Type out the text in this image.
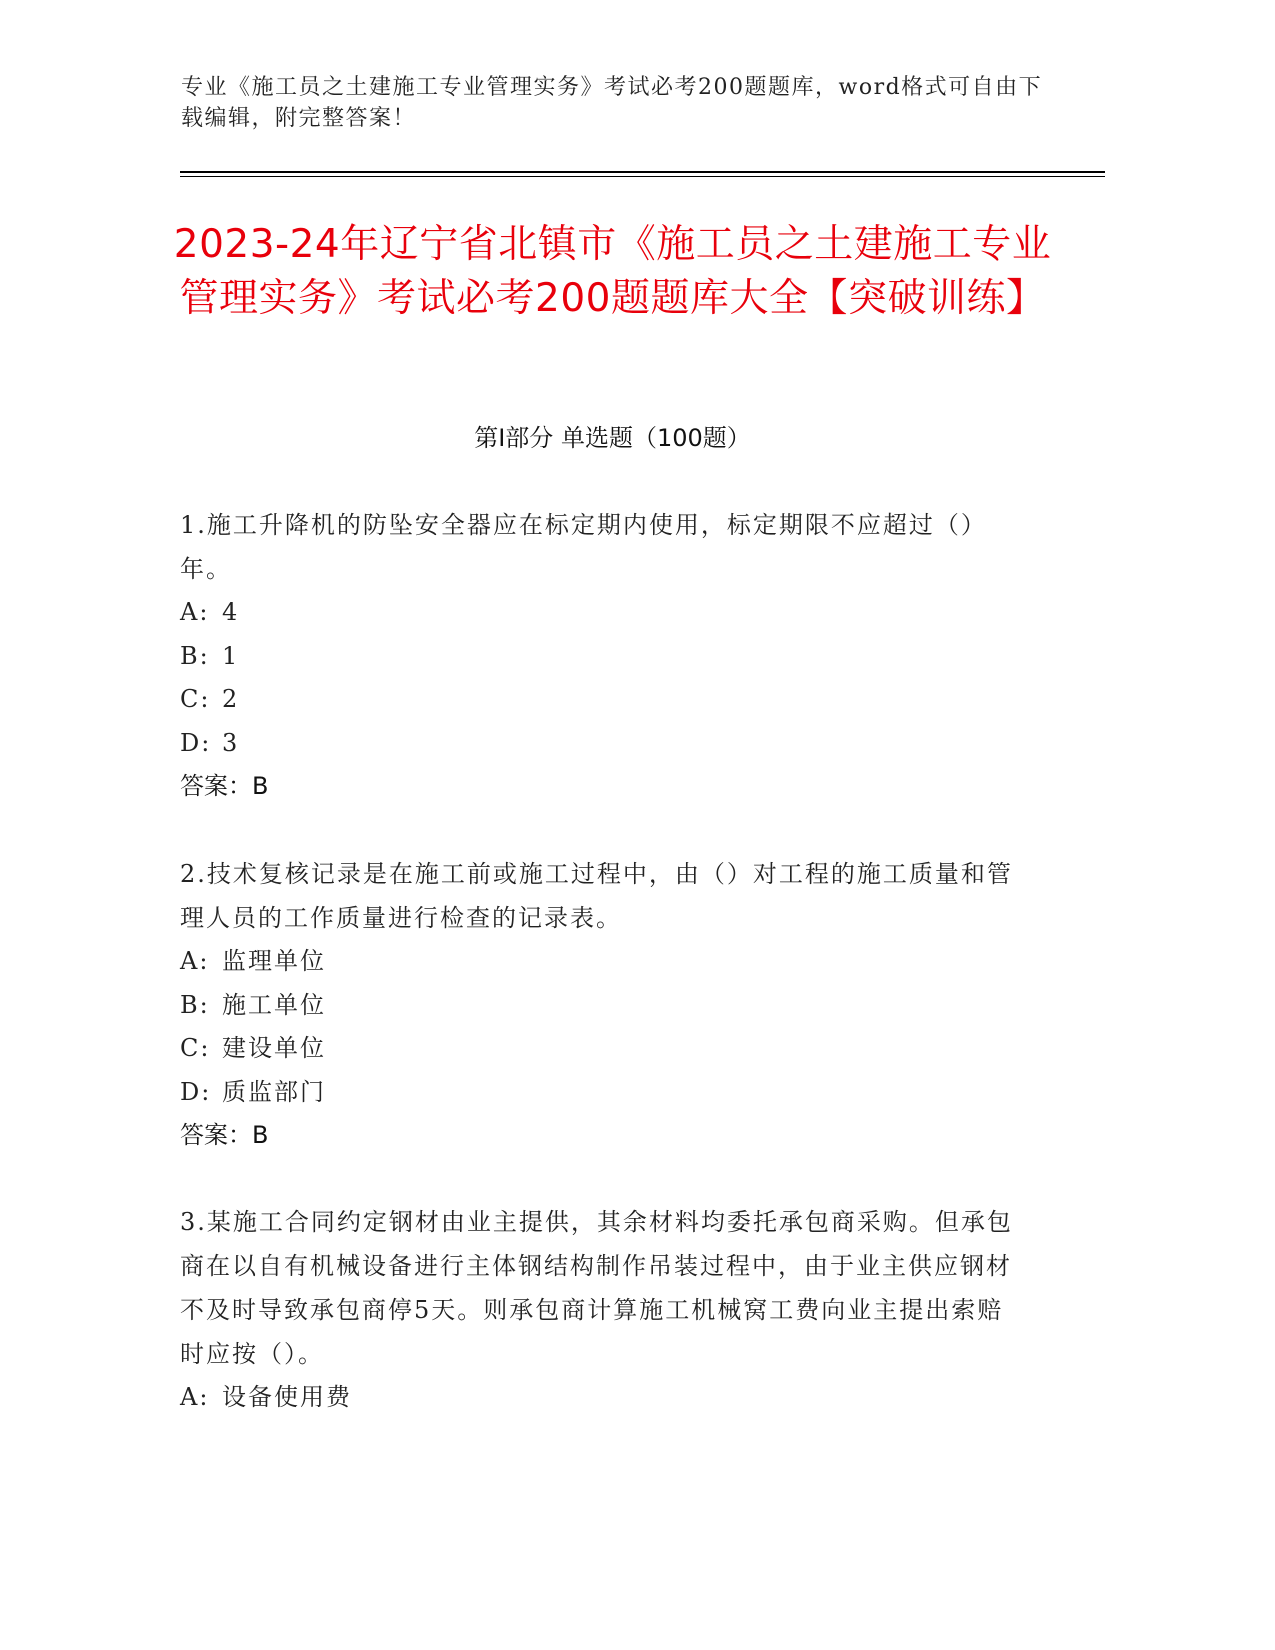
专业《施工员之土建施工专业管理实务》考试必考200题题库，word格式可自由下载编辑，附完整答案！
2023-24年辽宁省北镇市《施工员之土建施工专业管理实务》考试必考200题题库大全【突破训练】
第I部分 单选题（100题）

1.施工升降机的防坠安全器应在标定期内使用，标定期限不应超过（）年。

A: 4

B: 1

C: 2

D: 3

答案：B

2.技术复核记录是在施工前或施工过程中，由（）对工程的施工质量和管理人员的工作质量进行检查的记录表。

A: 监理单位

B: 施工单位

C: 建设单位

D: 质监部门

答案：B

3.某施工合同约定钢材由业主提供，其余材料均委托承包商采购。但承包商在以自有机械设备进行主体钢结构制作吊装过程中，由于业主供应钢材不及时导致承包商停5天。则承包商计算施工机械窝工费向业主提出索赔时应按（）。

A: 设备使用费
